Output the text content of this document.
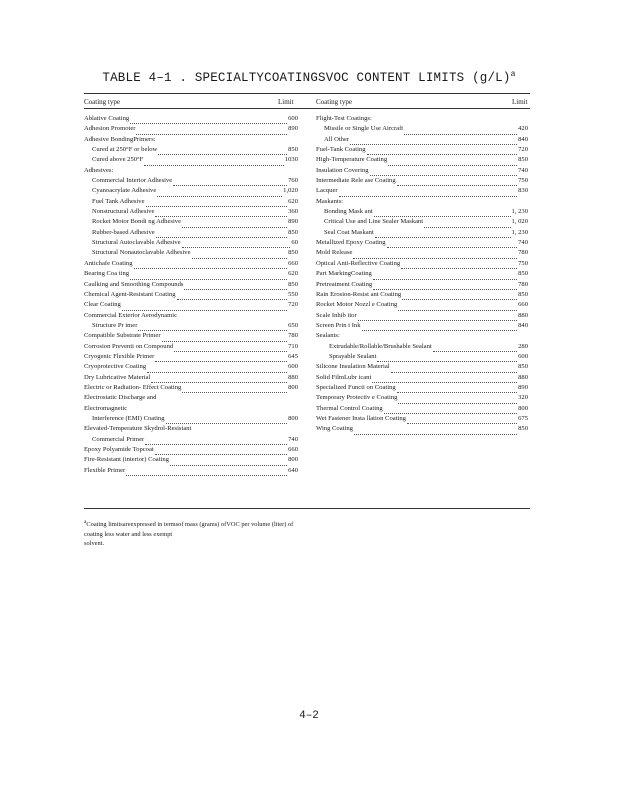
TABLE 4–1 . SPECIALTYCOATINGSVOC CONTENT LIMITS $(g/L)^a$
Coating type	Limit	Coating type	Limit
Ablative Coating	600
Adhesion Promoter	890
Adhesive BondingPrimers:
Cured at 250°F or below	850
Cured above 250°F	1030
Adhesives:
Commercial Interior Adhesive	760
Cyanoacrylate Adhesive	1,020
Fuel Tank Adhesive	620
Nonstructural Adhesive	360
Rocket Motor Bondi ng Adhesive	890
Rubber-based Adhesive	850
Structural Autoclavable Adhesive	60
Structural Nonautoclavable Adhesive	850
Antichafe Coating	660
Bearing Coa ting	620
Caulking and Smoothing Compounds	850
Chemical Agent-Resistant Coating	550
Clear Coating	720
Commercial Exterior Aerodynamic
Structure Pr imer	650
Compatible Substrate Primer	780
Corrosion Preventi on Compound	710
Cryogenic Flexible Primer	645
Cryoprotective Coating	600
Dry Lubricative Material	880
Electric or Radiation- Effect Coating	800
Electrostatic Discharge and
Electromagnetic
Interference (EMI) Coating	800
Elevated-Temperature Skydrol-Resistant
Commercial Primer	740
Epoxy Polyamide Topcoat	660
Fire-Resistant (interior) Coating	800
Flexible Primer	640
Flight-Test Coatings:
Missile or Single Use Aircraft	420
All Other	840
Fuel-Tank Coating	720
High-Temperature Coating	850
Insulation Covering	740
Intermediate Rele ase Coating	750
Lacquer	830
Maskants:
Bonding Mask ant	1, 230
Critical Use and Line Sealer Maskant	1, 020
Seal Coat Maskant	1, 230
Metallized Epoxy Coating	740
Mold Release	780
Optical Anti-Reflective Coating	750
Part MarkingCoating	850
Pretreatment Coating	780
Rain Erosion-Resist ant Coating	850
Rocket Motor Nozzl e Coating	660
Scale Inhib itor	880
Screen Prin t Ink	840
Sealants:
Extrudable/Rollable/Brushable Sealant	280
Sprayable Sealant	600
Silicone Insulation Material	850
Solid FilmLubr icant	880
Specialized Functi on Coating	890
Temporary Protectiv e Coating	320
Thermal Control Coating	800
Wet Fastener Insta llation Coating	675
Wing Coating	850
$^a$Coating limitsareexpressed in termsof mass (grams) ofVOC per volume (liter) of
coating less water and less exempt
solvent.
4–2
